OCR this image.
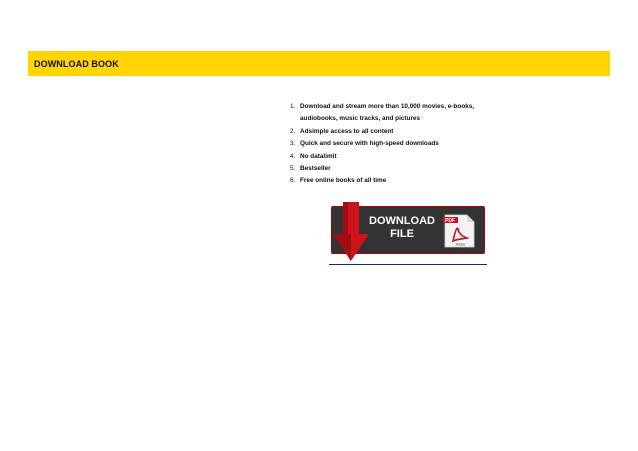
DOWNLOAD BOOK
1. Download and stream more than 10,000 movies, e-books,
audiobooks, music tracks, and pictures
2. Adsimple access to all content
3. Quick and secure with high-speed downloads
4. No datalimit
5. Bestseller
6. Free online books of all time
DOWNLOAD
FILE
PDF
Adobe
